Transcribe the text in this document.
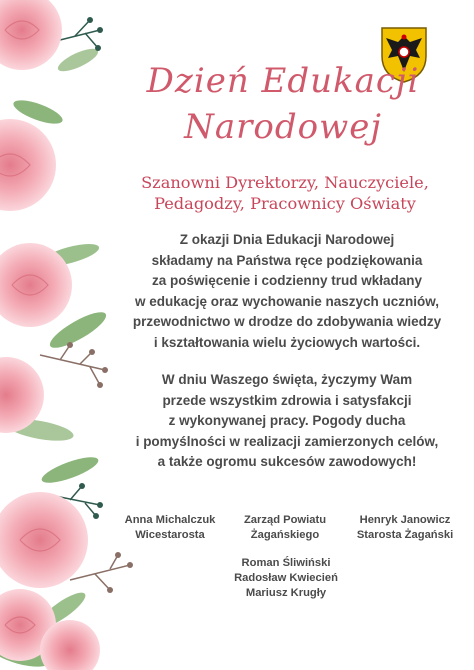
Dzień Edukacji
Narodowej
Szanowni Dyrektorzy, Nauczyciele,
Pedagodzy, Pracownicy Oświaty
Z okazji Dnia Edukacji Narodowej
składamy na Państwa ręce podziękowania
za poświęcenie i codzienny trud wkładany
w edukację oraz wychowanie naszych uczniów,
przewodnictwo w drodze do zdobywania wiedzy
i kształtowania wielu życiowych wartości.
W dniu Waszego święta, życzymy Wam
przede wszystkim zdrowia i satysfakcji
z wykonywanej pracy. Pogody ducha
i pomyślności w realizacji zamierzonych celów,
a także ogromu sukcesów zawodowych!
Anna Michalczuk
Wicestarosta
Zarząd Powiatu
Żagańskiego
Henryk Janowicz
Starosta Żagański
Roman Śliwiński
Radosław Kwiecień
Mariusz Krugły
